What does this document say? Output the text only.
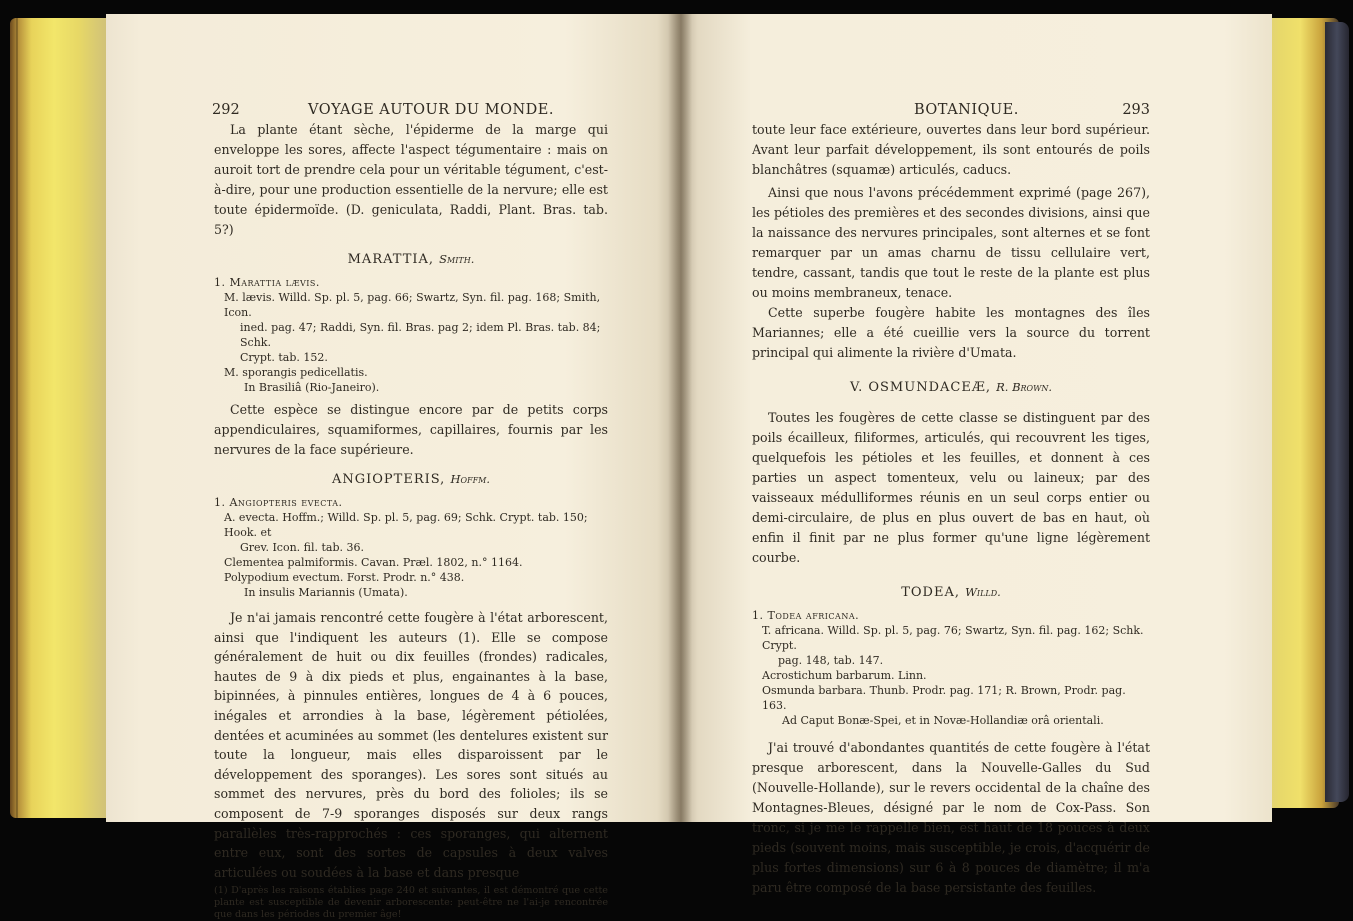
292	VOYAGE AUTOUR DU MONDE.

La plante étant sèche, l'épiderme de la marge qui enveloppe les sores, affecte l'aspect tégumentaire : mais on auroit tort de prendre cela pour un véritable tégument, c'est-à-dire, pour une production essentielle de la nervure; elle est toute épidermoïde. (D. geniculata, Raddi, Plant. Bras. tab. 5?)

MARATTIA, Smith.
1. Marattia lævis.
M. lævis. Willd. Sp. pl. 5, pag. 66; Swartz, Syn. fil. pag. 168; Smith, Icon.
ined. pag. 47; Raddi, Syn. fil. Bras. pag 2; idem Pl. Bras. tab. 84; Schk.
Crypt. tab. 152.
M. sporangis pedicellatis.
In Brasiliâ (Rio-Janeiro).

Cette espèce se distingue encore par de petits corps appendiculaires, squamiformes, capillaires, fournis par les nervures de la face supérieure.

ANGIOPTERIS, Hoffm.
1. Angiopteris evecta.
A. evecta. Hoffm.; Willd. Sp. pl. 5, pag. 69; Schk. Crypt. tab. 150; Hook. et
Grev. Icon. fil. tab. 36.
Clementea palmiformis. Cavan. Præl. 1802, n.° 1164.
Polypodium evectum. Forst. Prodr. n.° 438.
In insulis Mariannis (Umata).

Je n'ai jamais rencontré cette fougère à l'état arborescent, ainsi que l'indiquent les auteurs (1). Elle se compose généralement de huit ou dix feuilles (frondes) radicales, hautes de 9 à dix pieds et plus, engainantes à la base, bipinnées, à pinnules entières, longues de 4 à 6 pouces, inégales et arrondies à la base, légèrement pétiolées, dentées et acuminées au sommet (les dentelures existent sur toute la longueur, mais elles disparoissent par le développement des sporanges). Les sores sont situés au sommet des nervures, près du bord des folioles; ils se composent de 7-9 sporanges disposés sur deux rangs parallèles très-rapprochés : ces sporanges, qui alternent entre eux, sont des sortes de capsules à deux valves articulées ou soudées à la base et dans presque

(1) D'après les raisons établies page 240 et suivantes, il est démontré que cette plante est susceptible de devenir arborescente: peut-être ne l'ai-je rencontrée que dans les périodes du premier âge!

BOTANIQUE.	293

toute leur face extérieure, ouvertes dans leur bord supérieur. Avant leur parfait développement, ils sont entourés de poils blanchâtres (squamæ) articulés, caducs.

Ainsi que nous l'avons précédemment exprimé (page 267), les pétioles des premières et des secondes divisions, ainsi que la naissance des nervures principales, sont alternes et se font remarquer par un amas charnu de tissu cellulaire vert, tendre, cassant, tandis que tout le reste de la plante est plus ou moins membraneux, tenace.

Cette superbe fougère habite les montagnes des îles Mariannes; elle a été cueillie vers la source du torrent principal qui alimente la rivière d'Umata.

V. OSMUNDACEÆ, R. Brown.

Toutes les fougères de cette classe se distinguent par des poils écailleux, filiformes, articulés, qui recouvrent les tiges, quelquefois les pétioles et les feuilles, et donnent à ces parties un aspect tomenteux, velu ou laineux; par des vaisseaux médulliformes réunis en un seul corps entier ou demi-circulaire, de plus en plus ouvert de bas en haut, où enfin il finit par ne plus former qu'une ligne légèrement courbe.

TODEA, Willd.
1. Todea africana.
T. africana. Willd. Sp. pl. 5, pag. 76; Swartz, Syn. fil. pag. 162; Schk. Crypt.
pag. 148, tab. 147.
Acrostichum barbarum. Linn.
Osmunda barbara. Thunb. Prodr. pag. 171; R. Brown, Prodr. pag. 163.
Ad Caput Bonæ-Spei, et in Novæ-Hollandiæ orâ orientali.

J'ai trouvé d'abondantes quantités de cette fougère à l'état presque arborescent, dans la Nouvelle-Galles du Sud (Nouvelle-Hollande), sur le revers occidental de la chaîne des Montagnes-Bleues, désigné par le nom de Cox-Pass. Son tronc, si je me le rappelle bien, est haut de 18 pouces à deux pieds (souvent moins, mais susceptible, je crois, d'acquérir de plus fortes dimensions) sur 6 à 8 pouces de diamètre; il m'a paru être composé de la base persistante des feuilles.
